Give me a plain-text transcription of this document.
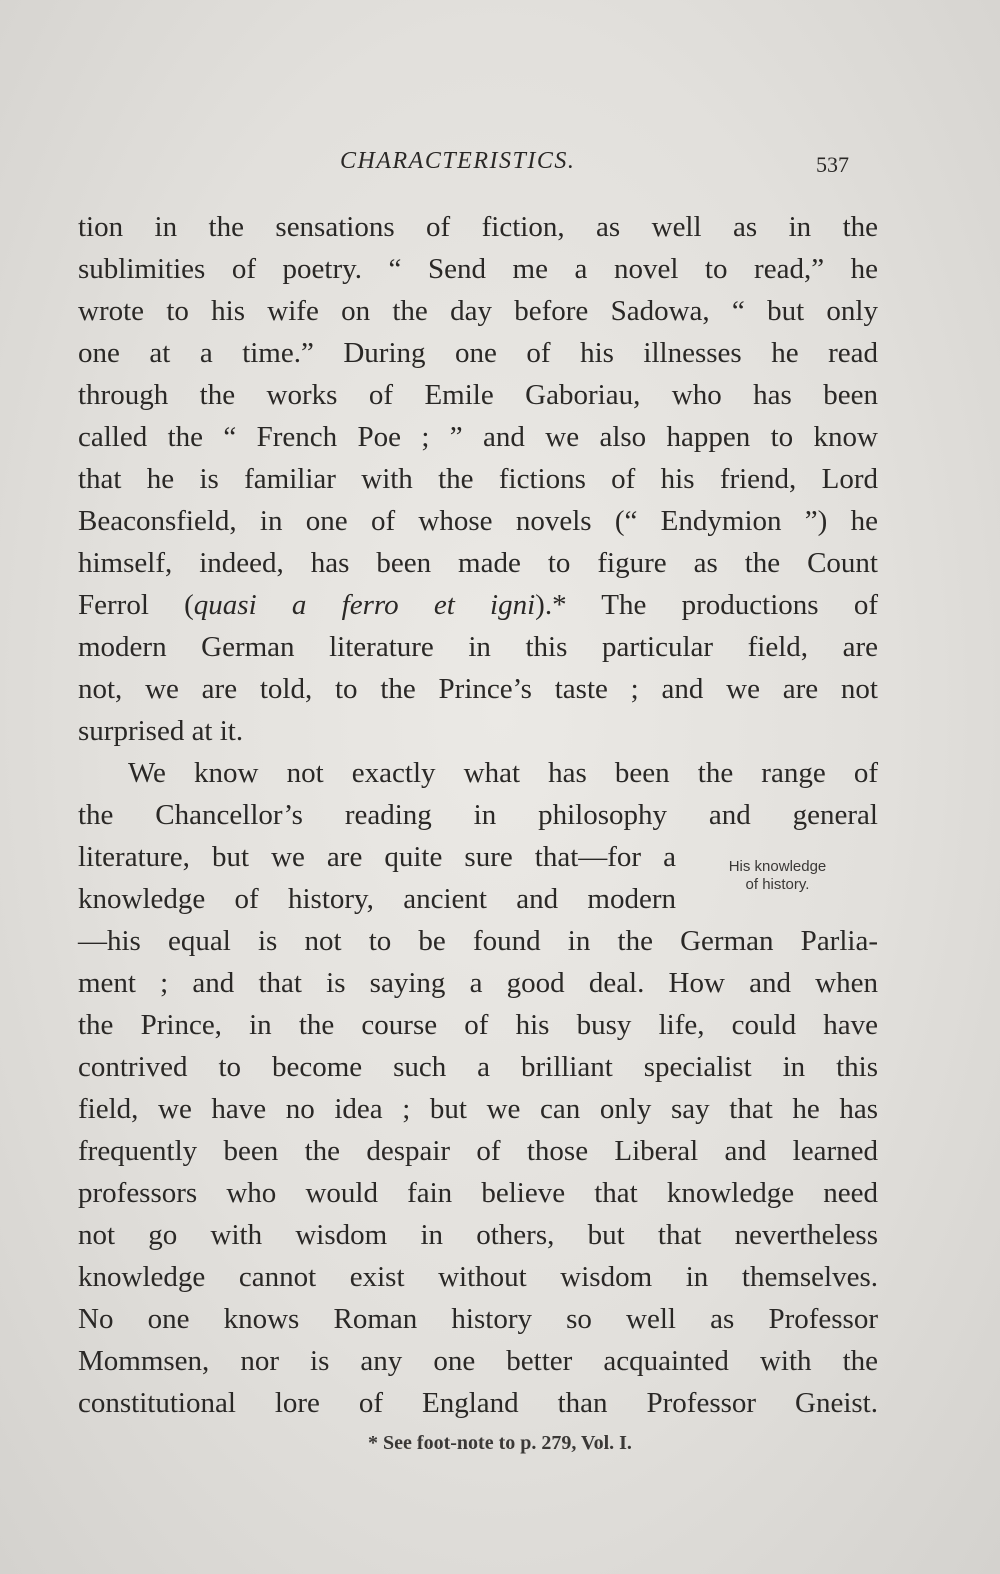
CHARACTERISTICS.	537
tion in the sensations of fiction, as well as in the
sublimities of poetry. “ Send me a novel to read,” he
wrote to his wife on the day before Sadowa, “ but only
one at a time.” During one of his illnesses he read
through the works of Emile Gaboriau, who has been
called the “ French Poe ; ” and we also happen to know
that he is familiar with the fictions of his friend, Lord
Beaconsfield, in one of whose novels (“ Endymion ”) he
himself, indeed, has been made to figure as the Count
Ferrol (quasi a ferro et igni).* The productions of
modern German literature in this particular field, are
not, we are told, to the Prince’s taste ; and we are not
surprised at it.
We know not exactly what has been the range of
the Chancellor’s reading in philosophy and general
literature, but we are quite sure that—for a
knowledge of history, ancient and modern
—his equal is not to be found in the German Parlia-
ment ; and that is saying a good deal. How and when
the Prince, in the course of his busy life, could have
contrived to become such a brilliant specialist in this
field, we have no idea ; but we can only say that he has
frequently been the despair of those Liberal and learned
professors who would fain believe that knowledge need
not go with wisdom in others, but that nevertheless
knowledge cannot exist without wisdom in themselves.
No one knows Roman history so well as Professor
Mommsen, nor is any one better acquainted with the
constitutional lore of England than Professor Gneist.
His knowledge
of history.
* See foot-note to p. 279, Vol. I.
